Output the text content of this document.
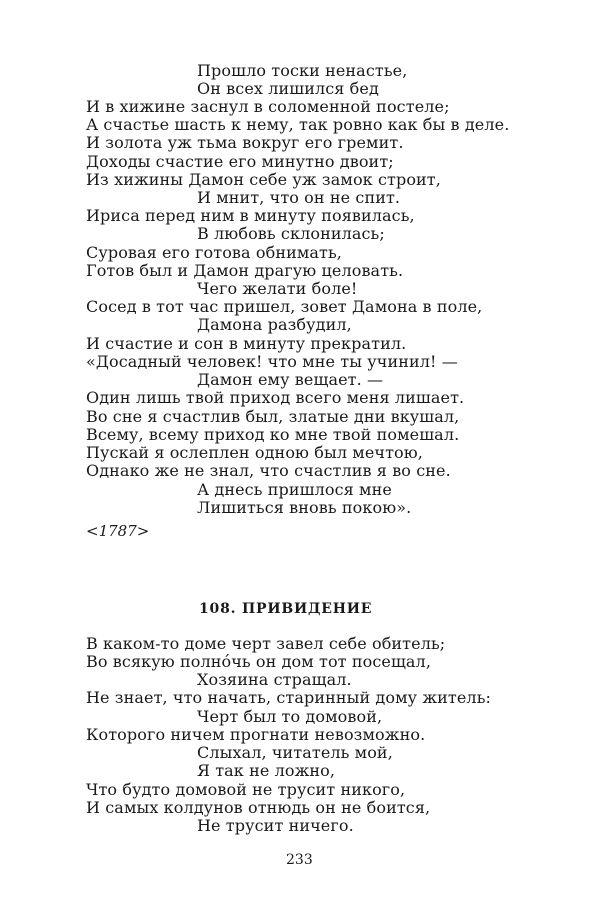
Прошло тоски ненастье,
Он всех лишился бед
И в хижине заснул в соломенной постеле;
А счастье шасть к нему, так ровно как бы в деле.
И золота уж тьма вокруг его гремит.
Доходы счастие его минутно двоит;
Из хижины Дамон себе уж замок строит,
И мнит, что он не спит.
Ириса перед ним в минуту появилась,
В любовь склонилась;
Суровая его готова обнимать,
Готов был и Дамон драгую целовать.
Чего желати боле!
Сосед в тот час пришел, зовет Дамона в поле,
Дамона разбудил,
И счастие и сон в минуту прекратил.
«Досадный человек! что мне ты учинил! —
Дамон ему вещает. —
Один лишь твой приход всего меня лишает.
Во сне я счастлив был, златые дни вкушал,
Всему, всему приход ко мне твой помешал.
Пускай я ослеплен одною был мечтою,
Однако же не знал, что счастлив я во сне.
А днесь пришлося мне
Лишиться вновь покою».
<1787>
108. ПРИВИДЕНИЕ
В каком-то доме черт завел себе обитель;
Во всякую полнóчь он дом тот посещал,
Хозяина стращал.
Не знает, что начать, старинный дому житель:
Черт был то домовой,
Которого ничем прогнати невозможно.
Слыхал, читатель мой,
Я так не ложно,
Что будто домовой не трусит никого,
И самых колдунов отнюдь он не боится,
Не трусит ничего.
233
